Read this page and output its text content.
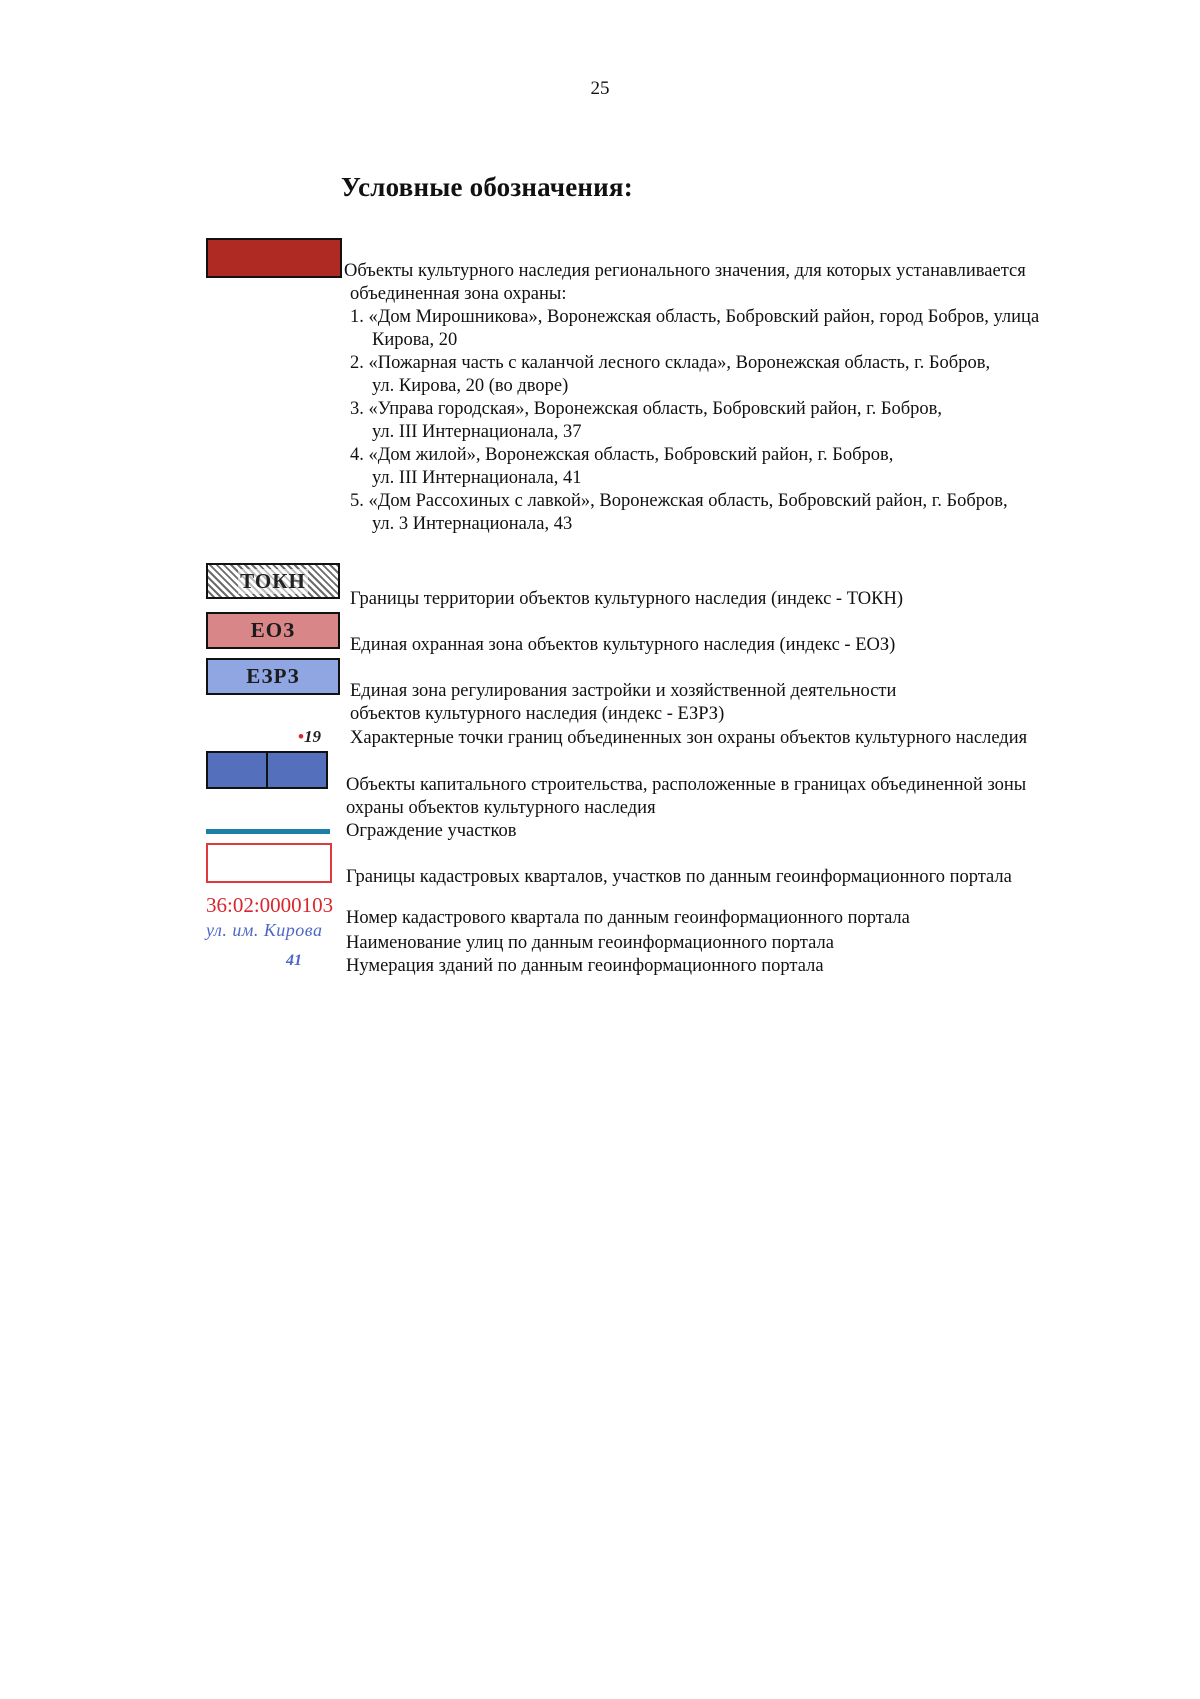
25
Условные обозначения:
Объекты культурного наследия регионального значения, для которых устанавливается
объединенная зона охраны:
1. «Дом Мирошникова», Воронежская область, Бобровский район, город Бобров, улица
Кирова, 20
2. «Пожарная часть с каланчой лесного склада», Воронежская область, г. Бобров,
ул. Кирова, 20 (во дворе)
3. «Управа городская», Воронежская область, Бобровский район, г. Бобров,
ул. III Интернационала, 37
4. «Дом жилой», Воронежская область, Бобровский район, г. Бобров,
ул. III Интернационала, 41
5. «Дом Рассохиных с лавкой», Воронежская область, Бобровский район, г. Бобров,
ул. 3 Интернационала, 43
ТОКН
Границы территории объектов культурного наследия (индекс - ТОКН)
ЕОЗ
Единая охранная зона объектов культурного наследия (индекс - ЕОЗ)
ЕЗРЗ
Единая зона регулирования застройки и хозяйственной деятельности
объектов культурного наследия (индекс - ЕЗРЗ)
•19 Характерные точки границ объединенных зон охраны объектов культурного наследия
Объекты капитального строительства, расположенные в границах объединенной зоны
охраны объектов культурного наследия
Ограждение участков
Границы кадастровых кварталов, участков по данным геоинформационного портала
36:02:0000103
Номер кадастрового квартала по данным геоинформационного портала
ул. им. Кирова
Наименование улиц по данным геоинформационного портала
41 Нумерация зданий по данным геоинформационного портала
